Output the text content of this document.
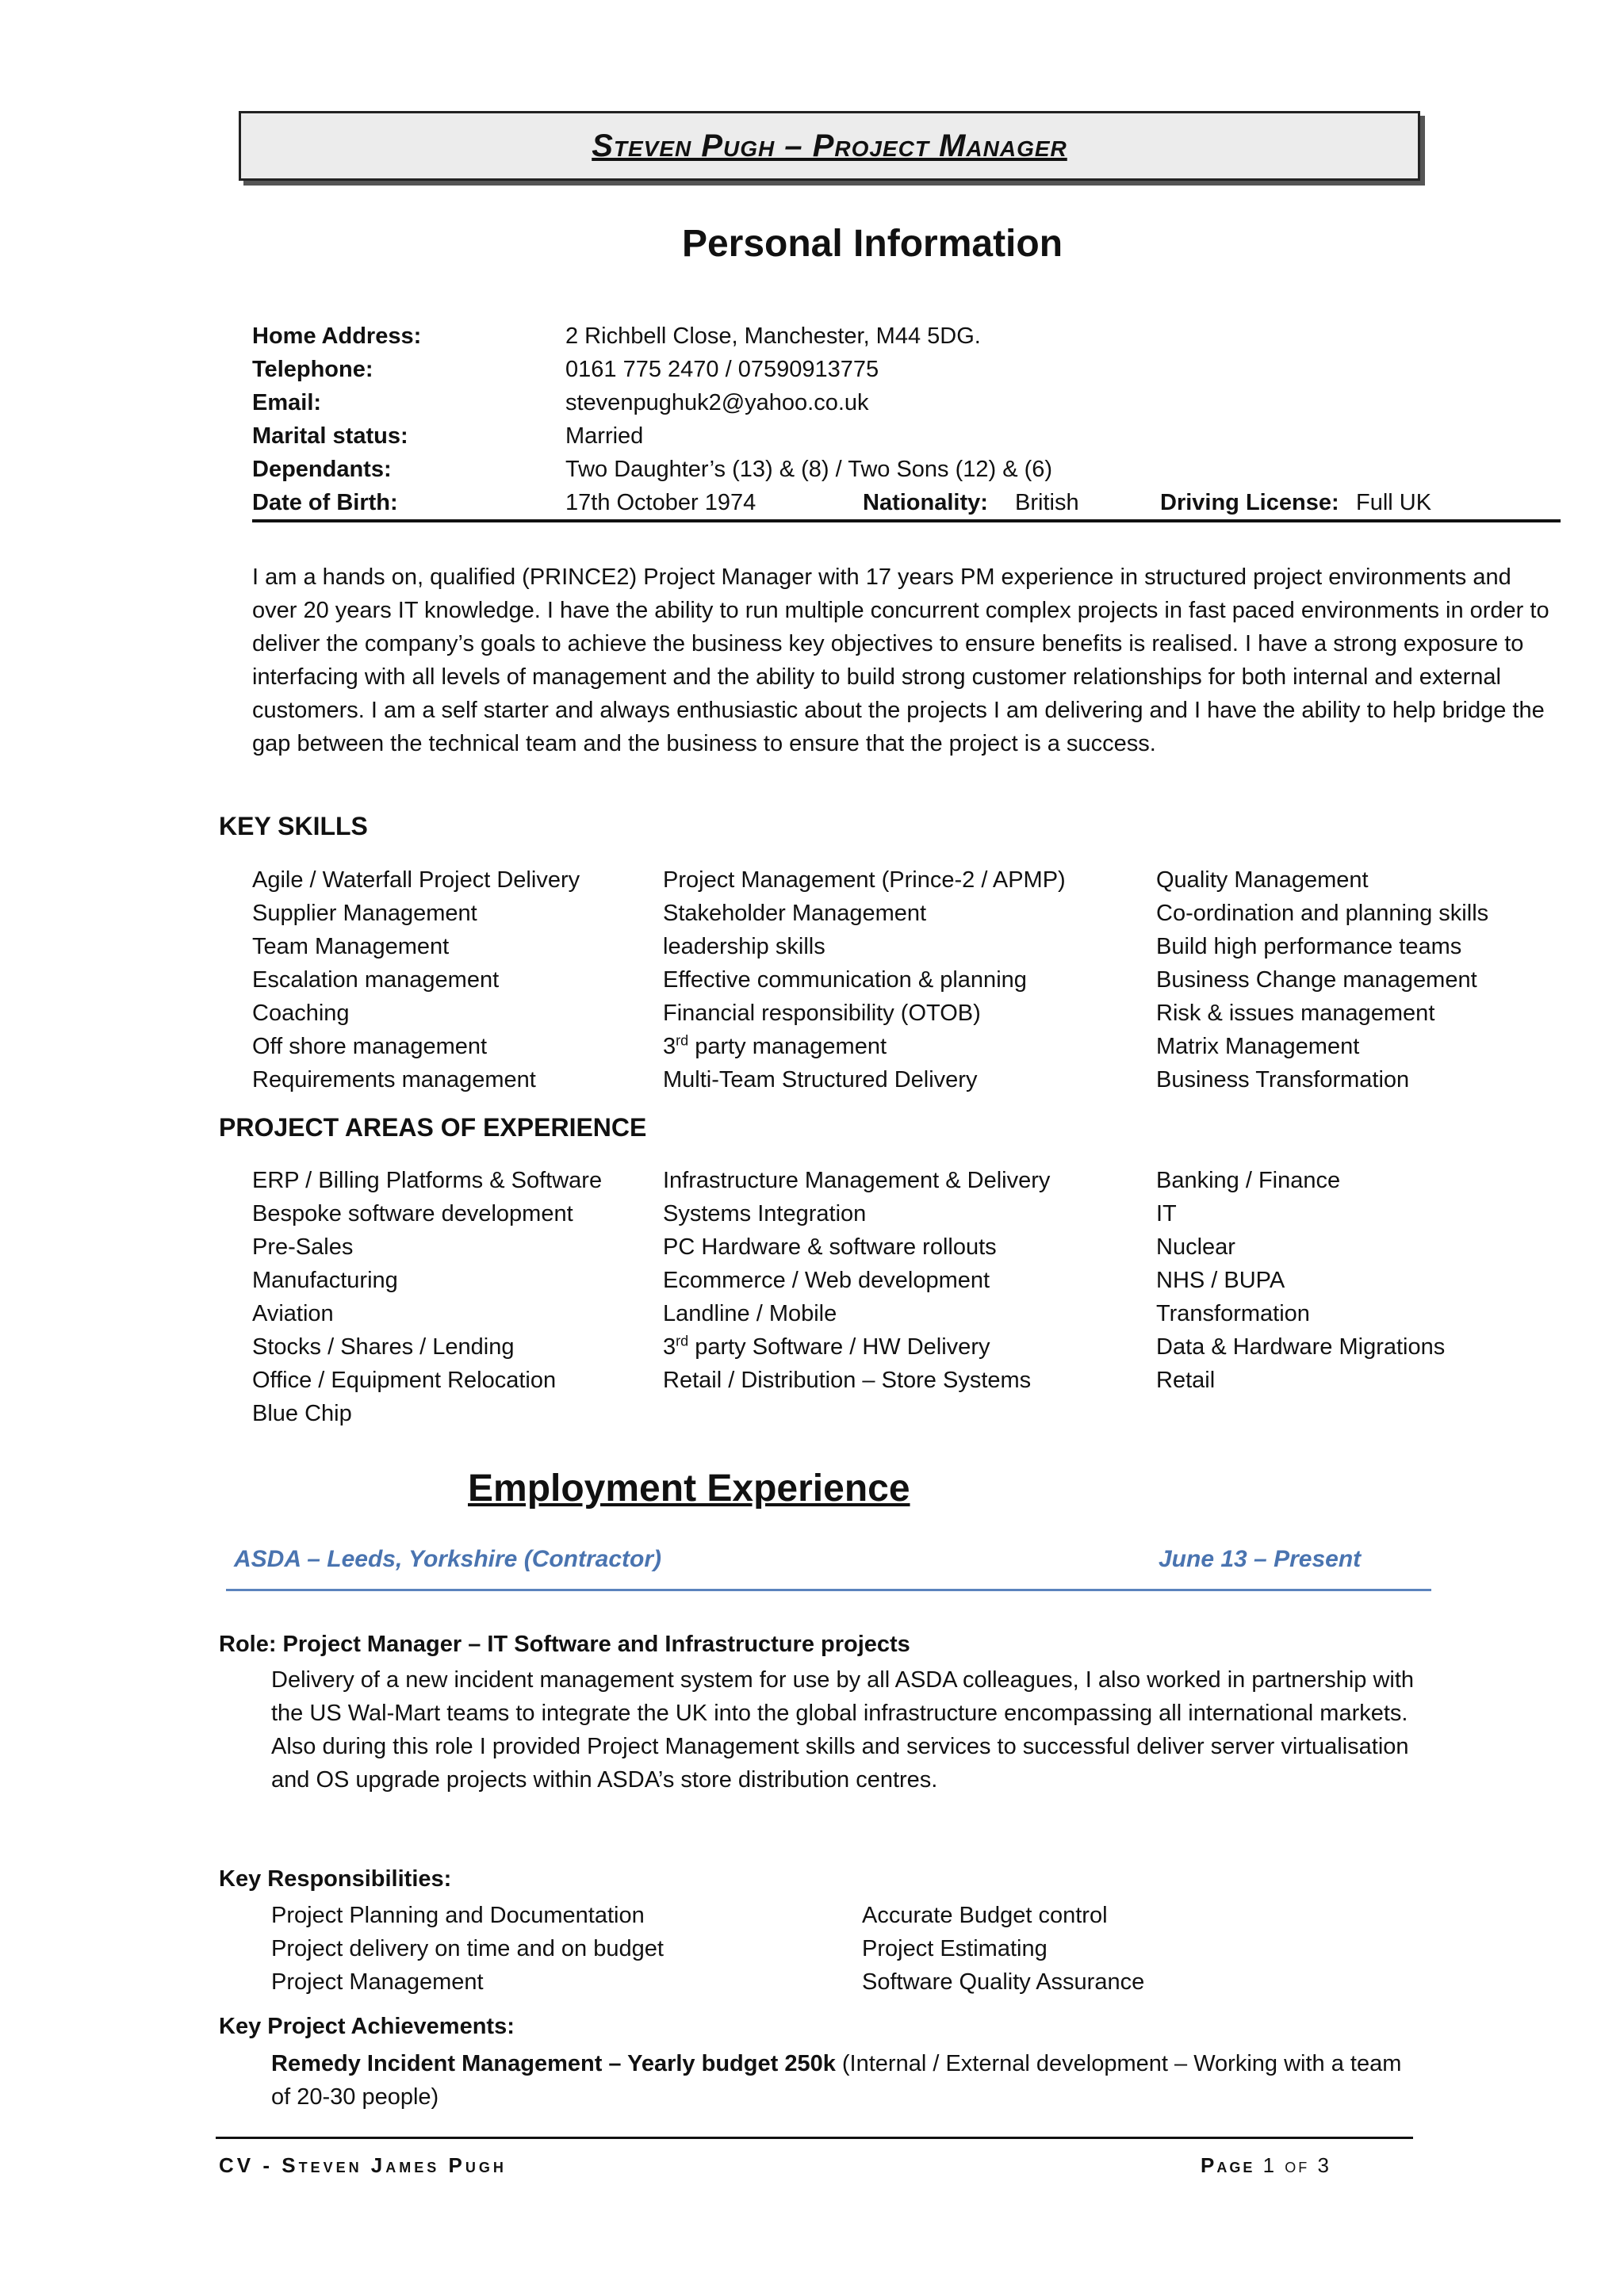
Steven Pugh – Project Manager
Personal Information
Home Address:	2 Richbell Close, Manchester, M44 5DG.
Telephone:	0161 775 2470 / 07590913775
Email:	stevenpughuk2@yahoo.co.uk
Marital status:	Married
Dependants:	Two Daughter’s (13) & (8) / Two Sons (12) & (6)
Date of Birth:	17th October 1974	Nationality: British	Driving License: Full UK

I am a hands on, qualified (PRINCE2) Project Manager with 17 years PM experience in structured project environments and over 20 years IT knowledge. I have the ability to run multiple concurrent complex projects in fast paced environments in order to deliver the company’s goals to achieve the business key objectives to ensure benefits is realised. I have a strong exposure to interfacing with all levels of management and the ability to build strong customer relationships for both internal and external customers. I am a self starter and always enthusiastic about the projects I am delivering and I have the ability to help bridge the gap between the technical team and the business to ensure that the project is a success.

KEY SKILLS
Agile / Waterfall Project Delivery	Project Management (Prince-2 / APMP)	Quality Management
Supplier Management	Stakeholder Management	Co-ordination and planning skills
Team Management	leadership skills	Build high performance teams
Escalation management	Effective communication & planning	Business Change management
Coaching	Financial responsibility (OTOB)	Risk & issues management
Off shore management	3rd party management	Matrix Management
Requirements management	Multi-Team Structured Delivery	Business Transformation
PROJECT AREAS OF EXPERIENCE
ERP / Billing Platforms & Software	Infrastructure Management & Delivery	Banking / Finance
Bespoke software development	Systems Integration	IT
Pre-Sales	PC Hardware & software rollouts	Nuclear
Manufacturing	Ecommerce / Web development	NHS / BUPA
Aviation	Landline / Mobile	Transformation
Stocks / Shares / Lending	3rd party Software / HW Delivery	Data & Hardware Migrations
Office / Equipment Relocation	Retail / Distribution – Store Systems	Retail
Blue Chip
Employment Experience
ASDA – Leeds, Yorkshire (Contractor)	June 13 – Present
Role: Project Manager – IT Software and Infrastructure projects

Delivery of a new incident management system for use by all ASDA colleagues, I also worked in partnership with the US Wal-Mart teams to integrate the UK into the global infrastructure encompassing all international markets. Also during this role I provided Project Management skills and services to successful deliver server virtualisation and OS upgrade projects within ASDA’s store distribution centres.

Key Responsibilities:
Project Planning and Documentation	Accurate Budget control
Project delivery on time and on budget	Project Estimating
Project Management	Software Quality Assurance
Key Project Achievements:

Remedy Incident Management – Yearly budget 250k (Internal / External development – Working with a team of 20-30 people)

CV - Steven James Pugh	Page 1 of 3
